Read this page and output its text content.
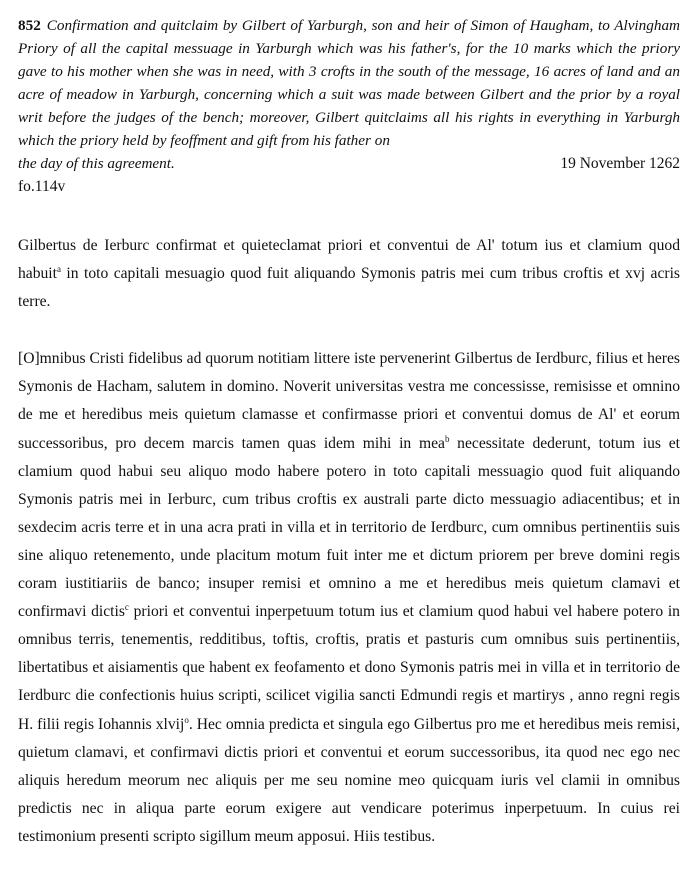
852 Confirmation and quitclaim by Gilbert of Yarburgh, son and heir of Simon of Haugham, to Alvingham Priory of all the capital messuage in Yarburgh which was his father's, for the 10 marks which the priory gave to his mother when she was in need, with 3 crofts in the south of the message, 16 acres of land and an acre of meadow in Yarburgh, concerning which a suit was made between Gilbert and the prior by a royal writ before the judges of the bench; moreover, Gilbert quitclaims all his rights in everything in Yarburgh which the priory held by feoffment and gift from his father on
the day of this agreement.	19 November 1262
fo.114v

Gilbertus de Ierburc confirmat et quieteclamat priori et conventui de Al' totum ius et clamium quod habuit$^a$ in toto capitali mesuagio quod fuit aliquando Symonis patris mei cum tribus croftis et xvj acris terre.

[O]mnibus Cristi fidelibus ad quorum notitiam littere iste pervenerint Gilbertus de Ierdburc, filius et heres Symonis de Hacham, salutem in domino. Noverit universitas vestra me concessisse, remisisse et omnino de me et heredibus meis quietum clamasse et confirmasse priori et conventui domus de Al' et eorum successoribus, pro decem marcis tamen quas idem mihi in mea$^b$ necessitate dederunt, totum ius et clamium quod habui seu aliquo modo habere potero in toto capitali messuagio quod fuit aliquando Symonis patris mei in Ierburc, cum tribus croftis ex australi parte dicto messuagio adiacentibus; et in sexdecim acris terre et in una acra prati in villa et in territorio de Ierdburc, cum omnibus pertinentiis suis sine aliquo retenemento, unde placitum motum fuit inter me et dictum priorem per breve domini regis coram iustitiariis de banco; insuper remisi et omnino a me et heredibus meis quietum clamavi et confirmavi dictis$^c$ priori et conventui inperpetuum totum ius et clamium quod habui vel habere potero in omnibus terris, tenementis, redditibus, toftis, croftis, pratis et pasturis cum omnibus suis pertinentiis, libertatibus et aisiamentis que habent ex feofamento et dono Symonis patris mei in villa et in territorio de Ierdburc die confectionis huius scripti, scilicet vigilia sancti Edmundi regis et martirys , anno regni regis H. filii regis Iohannis xlvij$^o$. Hec omnia predicta et singula ego Gilbertus pro me et heredibus meis remisi, quietum clamavi, et confirmavi dictis priori et conventui et eorum successoribus, ita quod nec ego nec aliquis heredum meorum nec aliquis per me seu nomine meo quicquam iuris vel clamii in omnibus predictis nec in aliqua parte eorum exigere aut vendicare poterimus inperpetuum. In cuius rei testimonium presenti scripto sigillum meum apposui. Hiis testibus.
